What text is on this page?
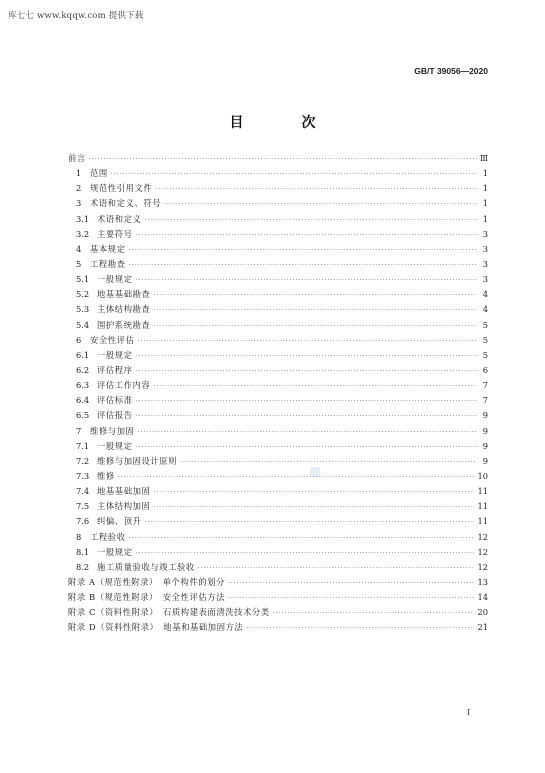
库七七 www.kqqw.com 提供下载
GB/T 39056—2020
目　次
前言 ·····	Ⅲ
1	范围 ·····	1
2	规范性引用文件 ·····	1
3	术语和定义、符号 ·····	1
3.1 术语和定义 ·····	1
3.2 主要符号 ·····	3
4	基本规定 ·····	3
5	工程勘查 ·····	3
5.1 一般规定 ·····	3
5.2 地基基础勘查 ·····	4
5.3 主体结构勘查 ·····	4
5.4 围护系统勘查 ·····	5
6	安全性评估 ·····	5
6.1 一般规定 ·····	5
6.2 评估程序 ·····	6
6.3 评估工作内容 ·····	7
6.4 评估标准 ·····	7
6.5 评估报告 ·····	9
7	维修与加固 ·····	9
7.1 一般规定 ·····	9
7.2 维修与加固设计原则 ·····	9
7.3 维修 ·····	10
7.4 地基基础加固 ·····	11
7.5 主体结构加固 ·····	11
7.6 纠偏、顶升 ·····	11
8	工程验收 ·····	12
8.1 一般规定 ·····	12
8.2 施工质量验收与竣工验收 ·····	12
附录 A（规范性附录）　单个构件的划分 ·····	13
附录 B（规范性附录）　安全性评估方法 ·····	14
附录 C（资料性附录）　石质构建表面清洗技术分类 ·····	20
附录 D（资料性附录）　地基和基础加固方法 ·····	21
I
